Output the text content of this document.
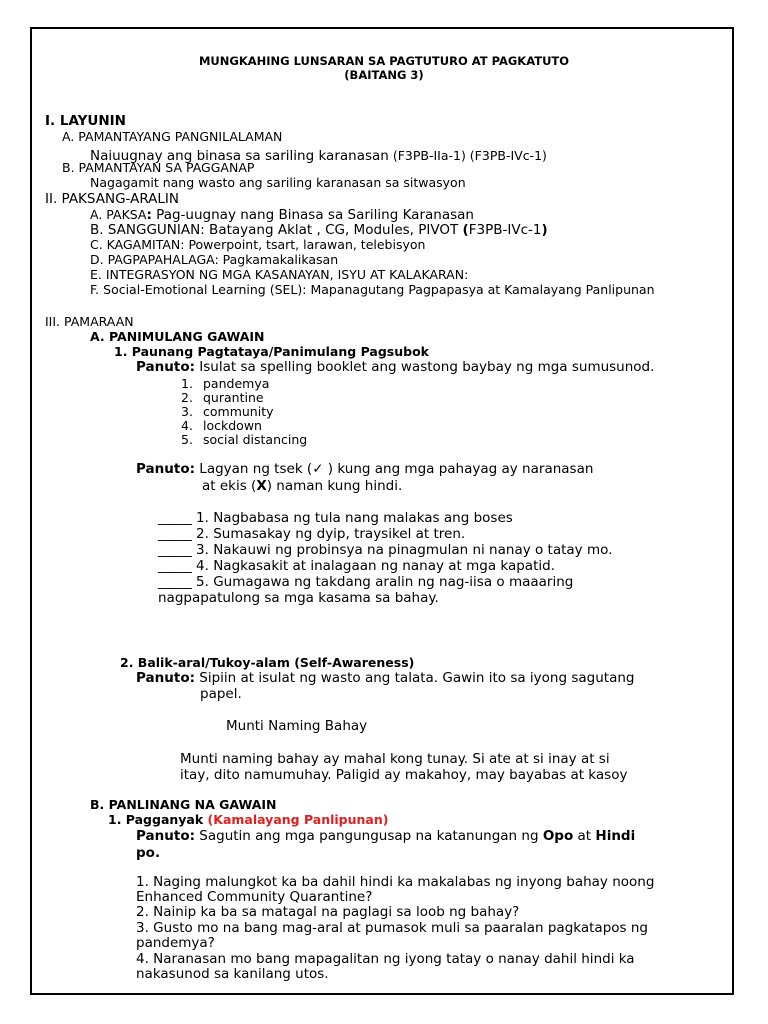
MUNGKAHING LUNSARAN SA PAGTUTURO AT PAGKATUTO
(BAITANG 3)
I. LAYUNIN
A. PAMANTAYANG PANGNILALAMAN
Naiuugnay ang binasa sa sariling karanasan (F3PB-IIa-1) (F3PB-IVc-1)
B. PAMANTAYAN SA PAGGANAP
Nagagamit nang wasto ang sariling karanasan sa sitwasyon
II. PAKSANG-ARALIN
A. PAKSA: Pag-uugnay nang Binasa sa Sariling Karanasan
B. SANGGUNIAN: Batayang Aklat , CG, Modules, PIVOT (F3PB-IVc-1)
C. KAGAMITAN: Powerpoint, tsart, larawan, telebisyon
D. PAGPAPAHALAGA: Pagkamakalikasan
E. INTEGRASYON NG MGA KASANAYAN, ISYU AT KALAKARAN:
F. Social-Emotional Learning (SEL): Mapanagutang Pagpapasya at Kamalayang Panlipunan
III. PAMARAAN
A. PANIMULANG GAWAIN
1. Paunang Pagtataya/Panimulang Pagsubok
Panuto: Isulat sa spelling booklet ang wastong baybay ng mga sumusunod.
1. pandemya
2. qurantine
3. community
4. lockdown
5. social distancing
Panuto: Lagyan ng tsek (✓ ) kung ang mga pahayag ay naranasan
at ekis (X) naman kung hindi.
_____ 1. Nagbabasa ng tula nang malakas ang boses
_____ 2. Sumasakay ng dyip, traysikel at tren.
_____ 3. Nakauwi ng probinsya na pinagmulan ni nanay o tatay mo.
_____ 4. Nagkasakit at inalagaan ng nanay at mga kapatid.
_____ 5. Gumagawa ng takdang aralin ng nag-iisa o maaaring
nagpapatulong sa mga kasama sa bahay.
2. Balik-aral/Tukoy-alam (Self-Awareness)
Panuto: Sipiin at isulat ng wasto ang talata. Gawin ito sa iyong sagutang
papel.
Munti Naming Bahay
Munti naming bahay ay mahal kong tunay. Si ate at si inay at si
itay, dito namumuhay. Paligid ay makahoy, may bayabas at kasoy
B. PANLINANG NA GAWAIN
1. Pagganyak (Kamalayang Panlipunan)
Panuto: Sagutin ang mga pangungusap na katanungan ng Opo at Hindi
po.
1. Naging malungkot ka ba dahil hindi ka makalabas ng inyong bahay noong
Enhanced Community Quarantine?
2. Nainip ka ba sa matagal na paglagi sa loob ng bahay?
3. Gusto mo na bang mag-aral at pumasok muli sa paaralan pagkatapos ng
pandemya?
4. Naranasan mo bang mapagalitan ng iyong tatay o nanay dahil hindi ka
nakasunod sa kanilang utos.
